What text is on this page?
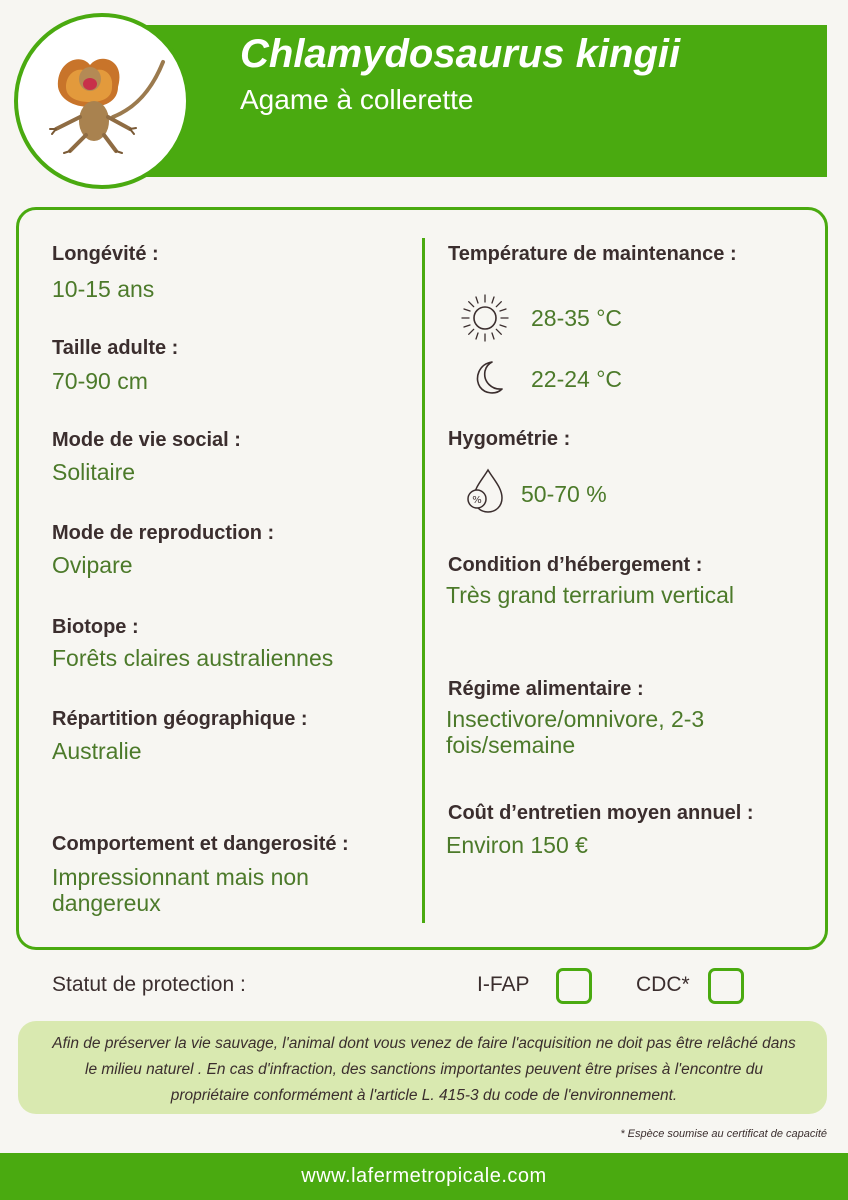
Chlamydosaurus kingii
Agame à collerette
Longévité :
10-15 ans
Taille adulte :
70-90 cm
Mode de vie social :
Solitaire
Mode de reproduction :
Ovipare
Biotope :
Forêts claires australiennes
Répartition géographique :
Australie
Comportement et dangerosité :
Impressionnant mais non dangereux
Température de maintenance :
28-35 °C
22-24 °C
Hygométrie :
% 50-70 %
Condition d’hébergement :
Très grand terrarium vertical
Régime alimentaire :
Insectivore/omnivore, 2-3 fois/semaine
Coût d’entretien moyen annuel :
Environ 150 €
Statut de protection :	I-FAP	CDC*
Afin de préserver la vie sauvage, l'animal dont vous venez de faire l'acquisition ne doit pas être relâché dans le milieu naturel . En cas d'infraction, des sanctions importantes peuvent être prises à l'encontre du propriétaire conformément à l'article L. 415-3 du code de l'environnement.
* Espèce soumise au certificat de capacité
www.lafermetropicale.com
